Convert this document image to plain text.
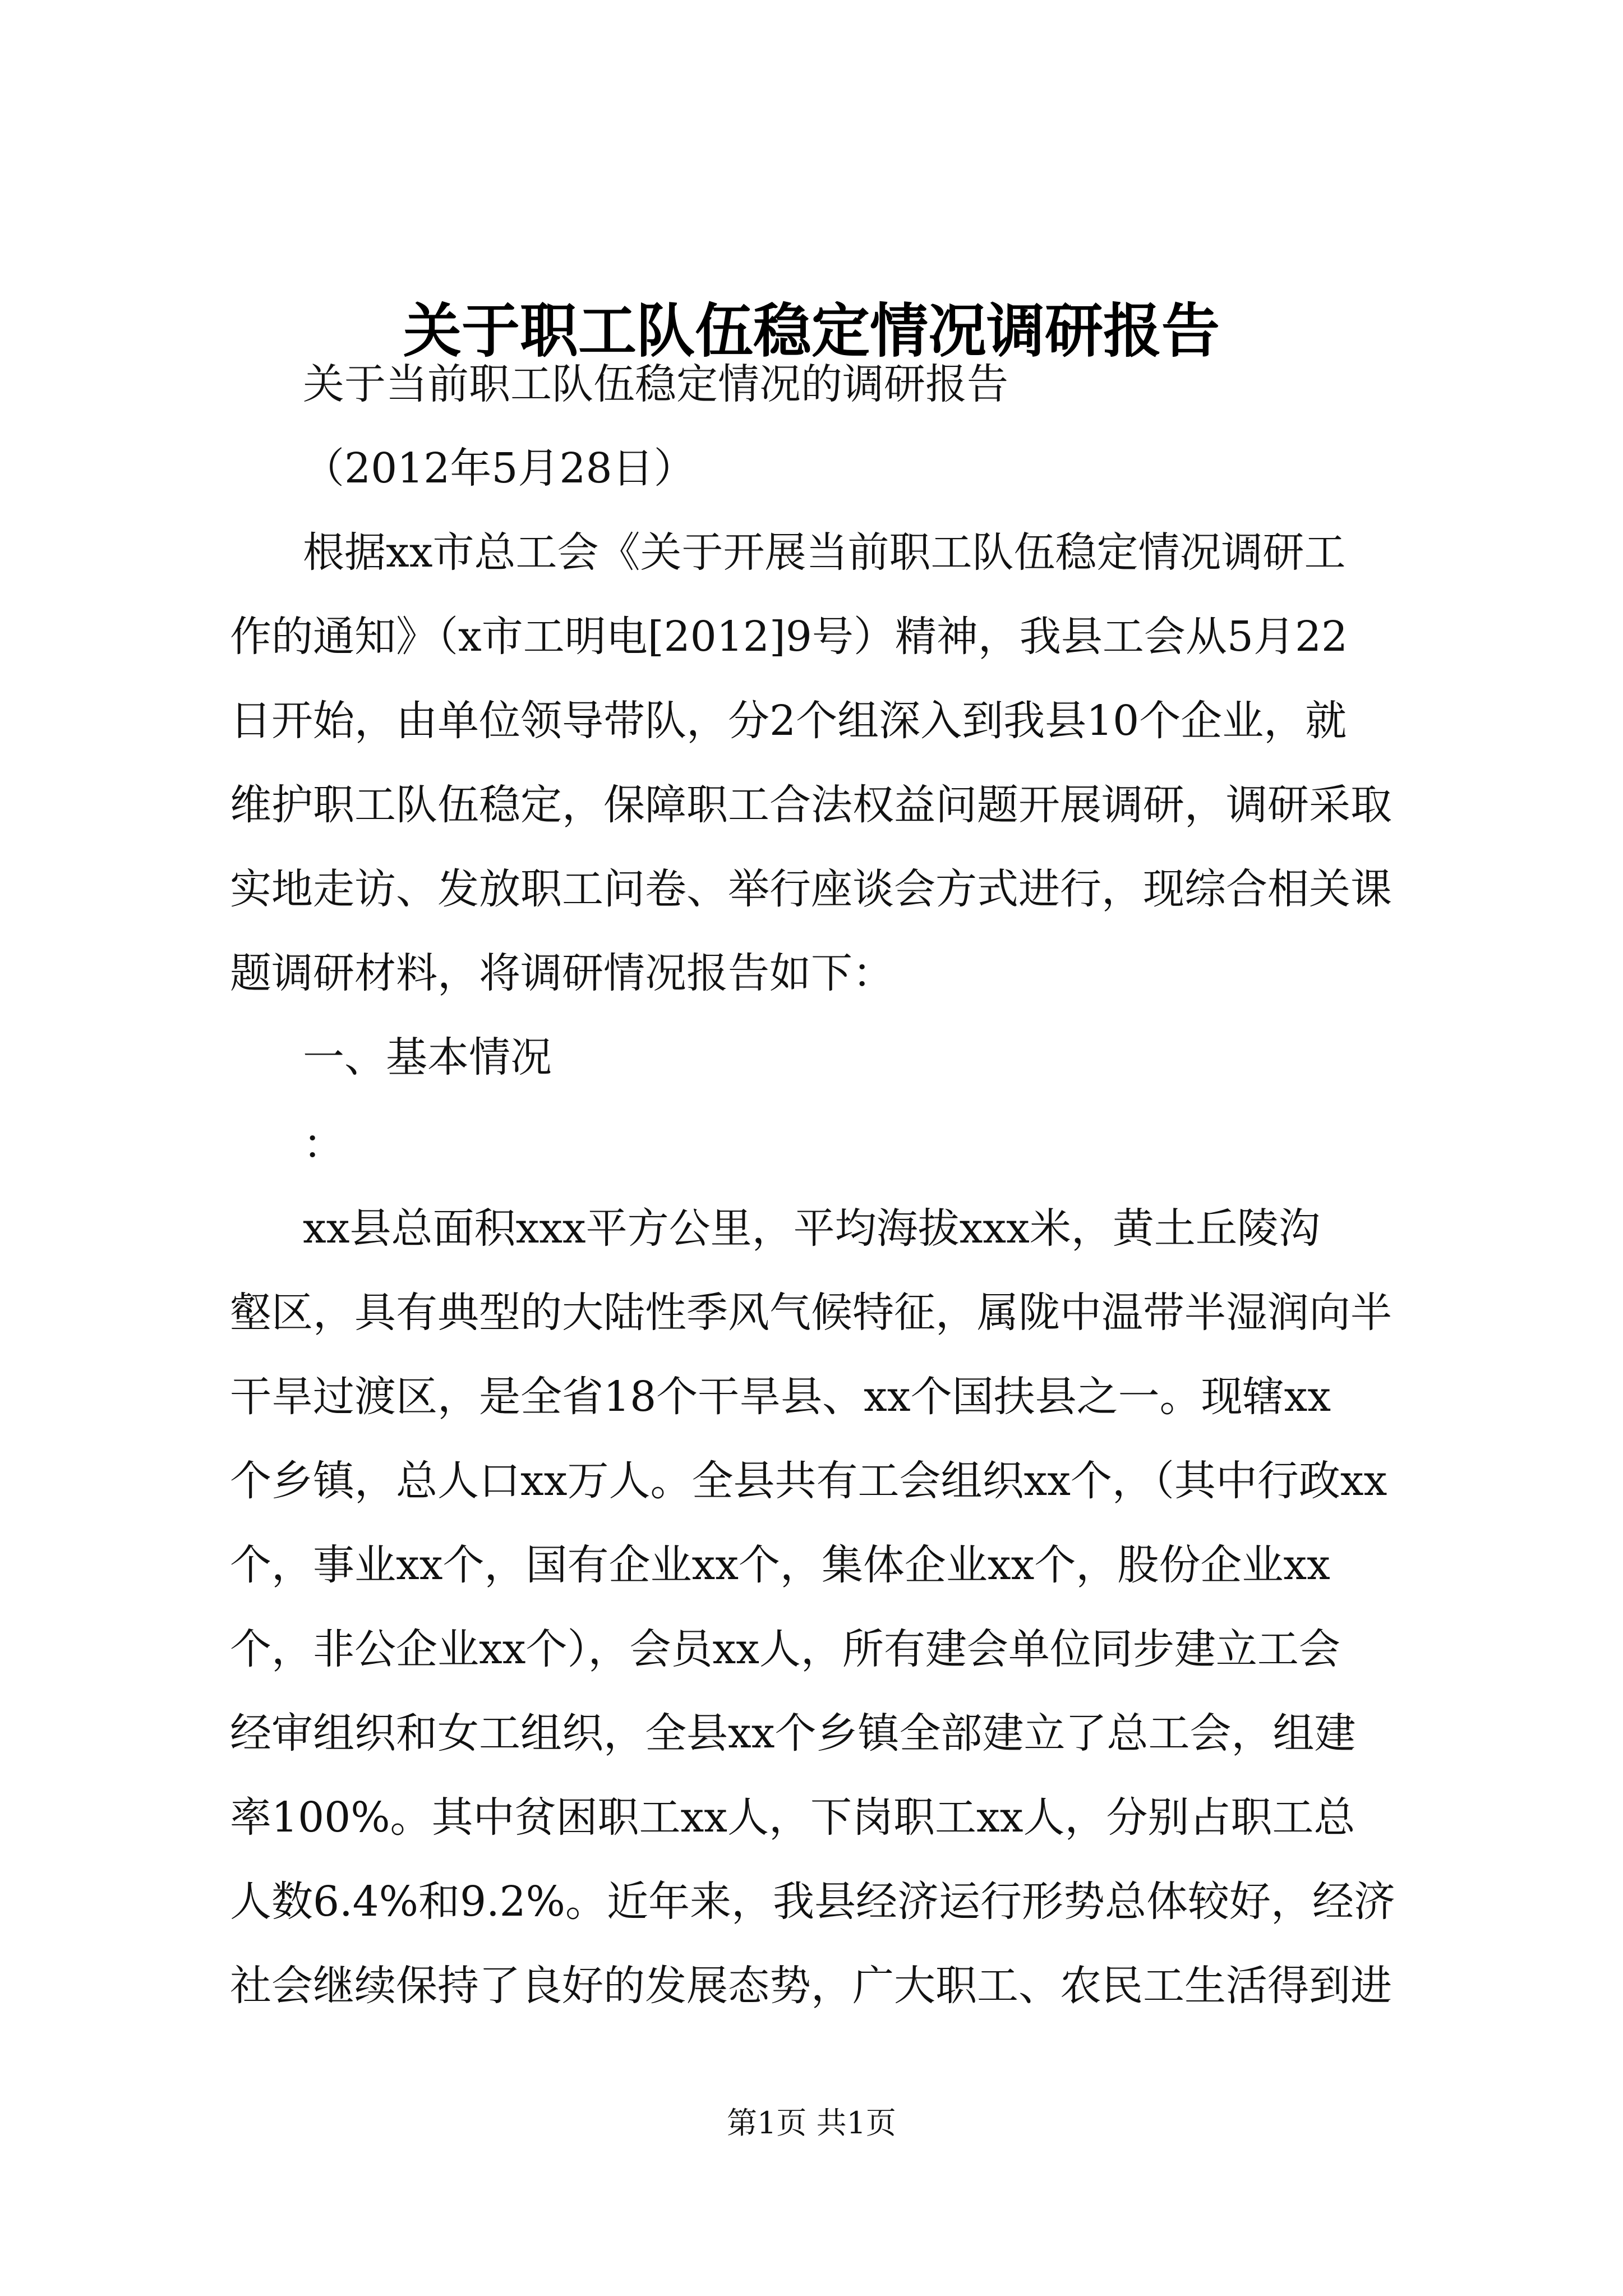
关于职工队伍稳定情况调研报告

关于当前职工队伍稳定情况的调研报告

（2012年5月28日）

根据xx市总工会《关于开展当前职工队伍稳定情况调研工

作的通知》（x市工明电[2012]9号）精神，我县工会从5月22

日开始，由单位领导带队，分2个组深入到我县10个企业，就

维护职工队伍稳定，保障职工合法权益问题开展调研，调研采取

实地走访、发放职工问卷、举行座谈会方式进行，现综合相关课

题调研材料，将调研情况报告如下：

一、基本情况

：

xx县总面积xxx平方公里，平均海拔xxx米，黄土丘陵沟

壑区，具有典型的大陆性季风气候特征，属陇中温带半湿润向半

干旱过渡区，是全省18个干旱县、xx个国扶县之一。现辖xx

个乡镇，总人口xx万人。全县共有工会组织xx个，（其中行政xx

个，事业xx个，国有企业xx个，集体企业xx个，股份企业xx

个，非公企业xx个），会员xx人，所有建会单位同步建立工会

经审组织和女工组织，全县xx个乡镇全部建立了总工会，组建

率100%。其中贫困职工xx人，下岗职工xx人，分别占职工总

人数6.4%和9.2%。近年来，我县经济运行形势总体较好，经济

社会继续保持了良好的发展态势，广大职工、农民工生活得到进

第1页 共1页
